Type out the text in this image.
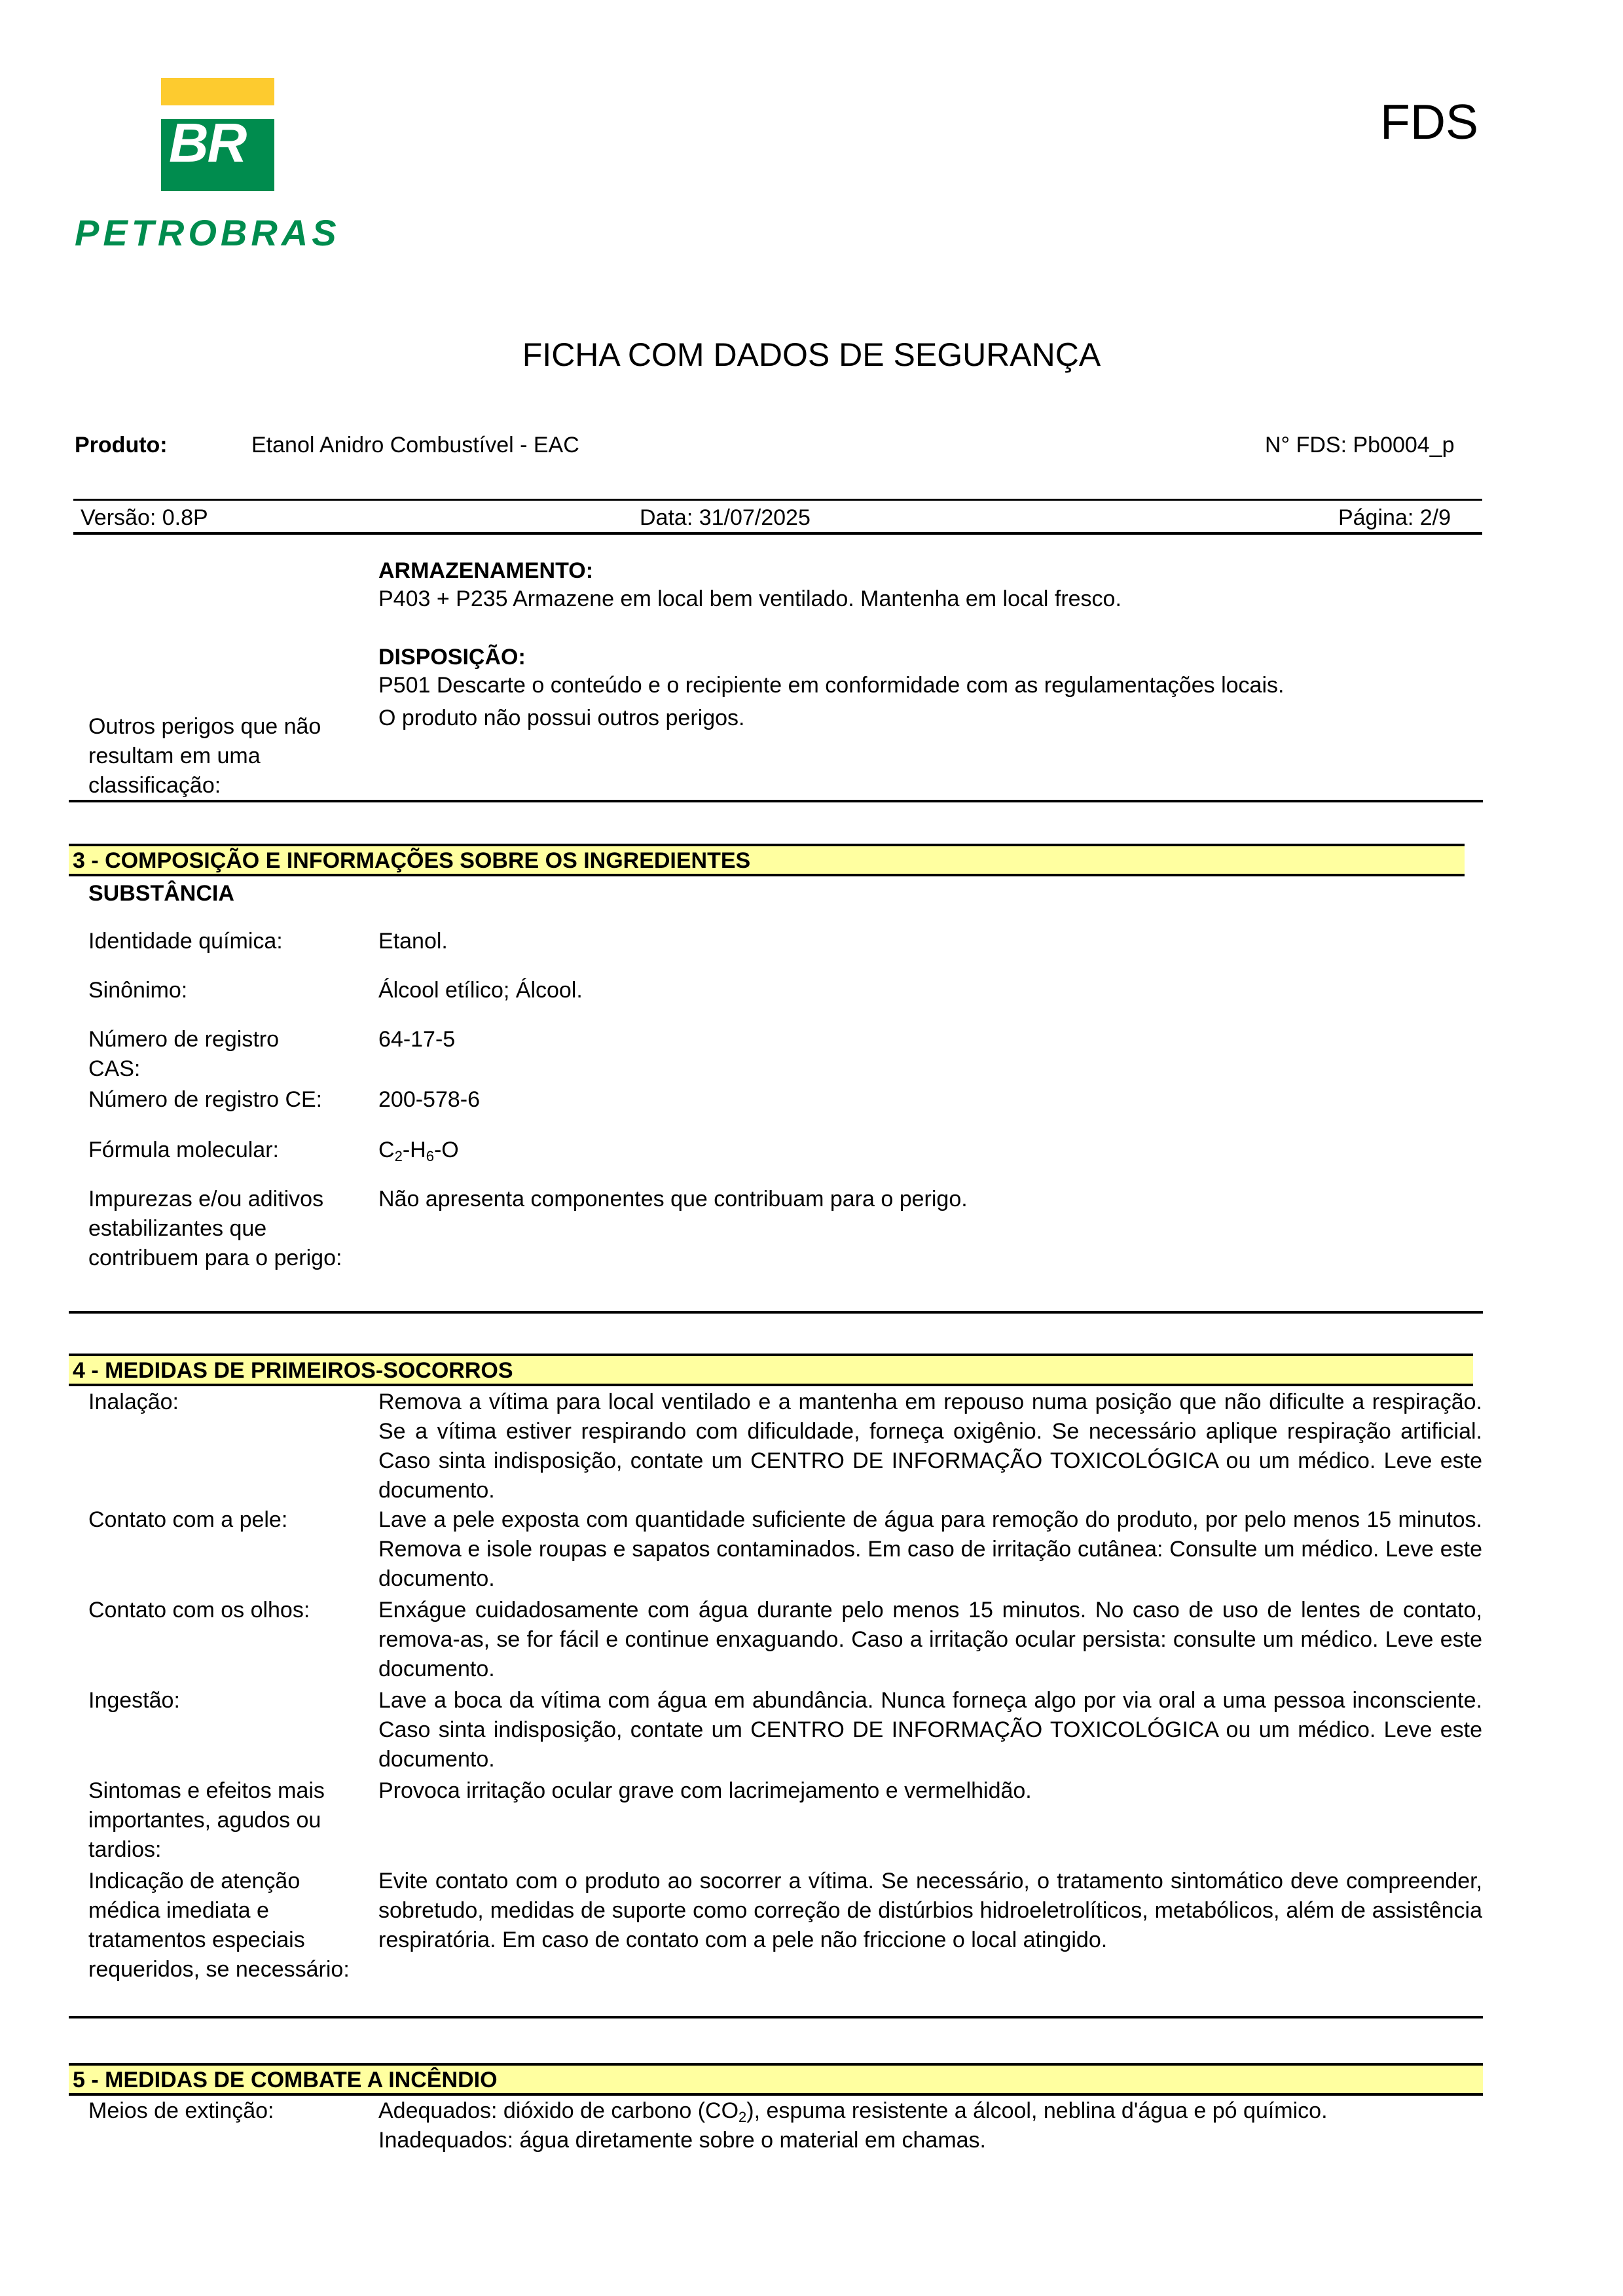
BR
PETROBRAS
FDS
FICHA COM DADOS DE SEGURANÇA
Produto:	Etanol Anidro Combustível - EAC	N° FDS: Pb0004_p
Versão: 0.8P	Data: 31/07/2025	Página: 2/9
ARMAZENAMENTO:
P403 + P235 Armazene em local bem ventilado. Mantenha em local fresco.
DISPOSIÇÃO:
P501 Descarte o conteúdo e o recipiente em conformidade com as regulamentações locais.
Outros perigos que não resultam em uma classificação:
O produto não possui outros perigos.
3 - COMPOSIÇÃO E INFORMAÇÕES SOBRE OS INGREDIENTES
SUBSTÂNCIA
Identidade química:	Etanol.
Sinônimo:	Álcool etílico; Álcool.
Número de registro CAS:
64-17-5
Número de registro CE:	200-578-6
Fórmula molecular:	$C_2-H_6-O$
Impurezas e/ou aditivos estabilizantes que contribuem para o perigo:
Não apresenta componentes que contribuam para o perigo.
4 - MEDIDAS DE PRIMEIROS-SOCORROS
Inalação:	Remova a vítima para local ventilado e a mantenha em repouso numa posição que não dificulte a respiração. Se a vítima estiver respirando com dificuldade, forneça oxigênio. Se necessário aplique respiração artificial. Caso sinta indisposição, contate um CENTRO DE INFORMAÇÃO TOXICOLÓGICA ou um médico. Leve este documento.
Contato com a pele:	Lave a pele exposta com quantidade suficiente de água para remoção do produto, por pelo menos 15 minutos. Remova e isole roupas e sapatos contaminados. Em caso de irritação cutânea: Consulte um médico. Leve este documento.
Contato com os olhos:	Enxágue cuidadosamente com água durante pelo menos 15 minutos. No caso de uso de lentes de contato, remova-as, se for fácil e continue enxaguando. Caso a irritação ocular persista: consulte um médico. Leve este documento.
Ingestão:	Lave a boca da vítima com água em abundância. Nunca forneça algo por via oral a uma pessoa inconsciente. Caso sinta indisposição, contate um CENTRO DE INFORMAÇÃO TOXICOLÓGICA ou um médico. Leve este documento.
Sintomas e efeitos mais importantes, agudos ou tardios:
Provoca irritação ocular grave com lacrimejamento e vermelhidão.
Indicação de atenção médica imediata e tratamentos especiais requeridos, se necessário:
Evite contato com o produto ao socorrer a vítima. Se necessário, o tratamento sintomático deve compreender, sobretudo, medidas de suporte como correção de distúrbios hidroeletrolíticos, metabólicos, além de assistência respiratória. Em caso de contato com a pele não friccione o local atingido.
5 - MEDIDAS DE COMBATE A INCÊNDIO
Meios de extinção:	Adequados: dióxido de carbono $(CO_2)$, espuma resistente a álcool, neblina d'água e pó químico.
Inadequados: água diretamente sobre o material em chamas.
